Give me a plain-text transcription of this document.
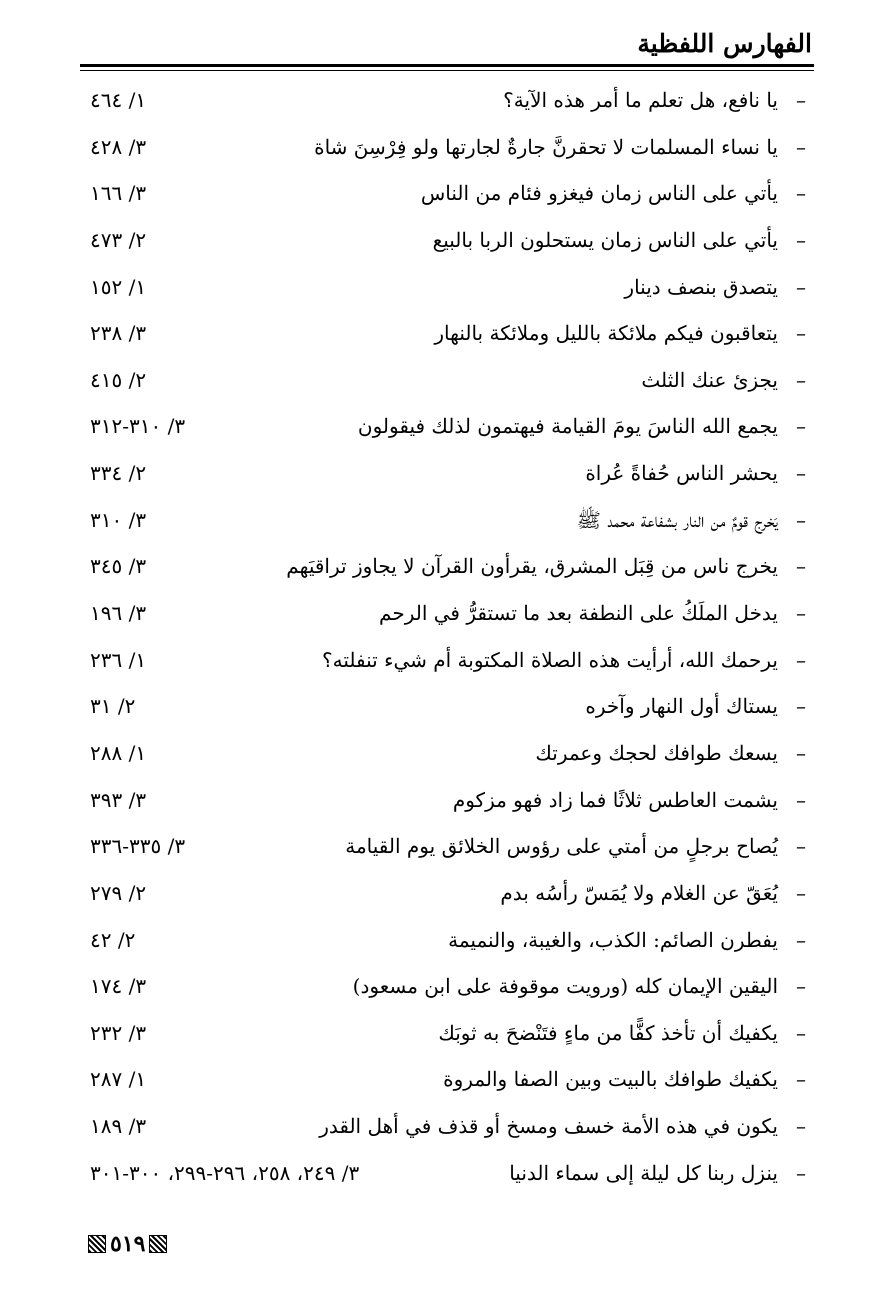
الفهارس اللفظية
–
يا نافع، هل تعلم ما أمر هذه الآية؟
١/ ٤٦٤
–
يا نساء المسلمات لا تحقرنَّ جارةٌ لجارتها ولو فِرْسِنَ شاة
٣/ ٤٢٨
–
يأتي على الناس زمان فيغزو فئام من الناس
٣/ ١٦٦
–
يأتي على الناس زمان يستحلون الربا بالبيع
٢/ ٤٧٣
–
يتصدق بنصف دينار
١/ ١٥٢
–
يتعاقبون فيكم ملائكة بالليل وملائكة بالنهار
٣/ ٢٣٨
–
يجزئ عنك الثلث
٢/ ٤١٥
–
يجمع الله الناسَ يومَ القيامة فيهتمون لذلك فيقولون
٣/ ٣١٠-٣١٢
–
يحشر الناس حُفاةً عُراة
٢/ ٣٣٤
–
يَخرج قومٌ من النار بشفاعة محمد ﷺ
٣/ ٣١٠
–
يخرج ناس من قِبَل المشرق، يقرأون القرآن لا يجاوز تراقيَهم
٣/ ٣٤٥
–
يدخل الملَكُ على النطفة بعد ما تستقرُّ في الرحم
٣/ ١٩٦
–
يرحمك الله، أرأيت هذه الصلاة المكتوبة أم شيء تنفلته؟
١/ ٢٣٦
–
يستاك أول النهار وآخره
٢/ ٣١
–
يسعك طوافك لحجك وعمرتك
١/ ٢٨٨
–
يشمت العاطس ثلاثًا فما زاد فهو مزكوم
٣/ ٣٩٣
–
يُصاح برجلٍ من أمتي على رؤوس الخلائق يوم القيامة
٣/ ٣٣٥-٣٣٦
–
يُعَقّ عن الغلام ولا يُمَسّ رأسُه بدم
٢/ ٢٧٩
–
يفطرن الصائم: الكذب، والغيبة، والنميمة
٢/ ٤٢
–
اليقين الإيمان كله (ورويت موقوفة على ابن مسعود)
٣/ ١٧٤
–
يكفيك أن تأخذ كفًّا من ماءٍ فتَنْضحَ به ثوبَك
٣/ ٢٣٢
–
يكفيك طوافك بالبيت وبين الصفا والمروة
١/ ٢٨٧
–
يكون في هذه الأمة خسف ومسخ أو قذف في أهل القدر
٣/ ١٨٩
–
ينزل ربنا كل ليلة إلى سماء الدنيا
٣/ ٢٤٩، ٢٥٨، ٢٩٦-٢٩٩، ٣٠٠-٣٠١
٥١٩
